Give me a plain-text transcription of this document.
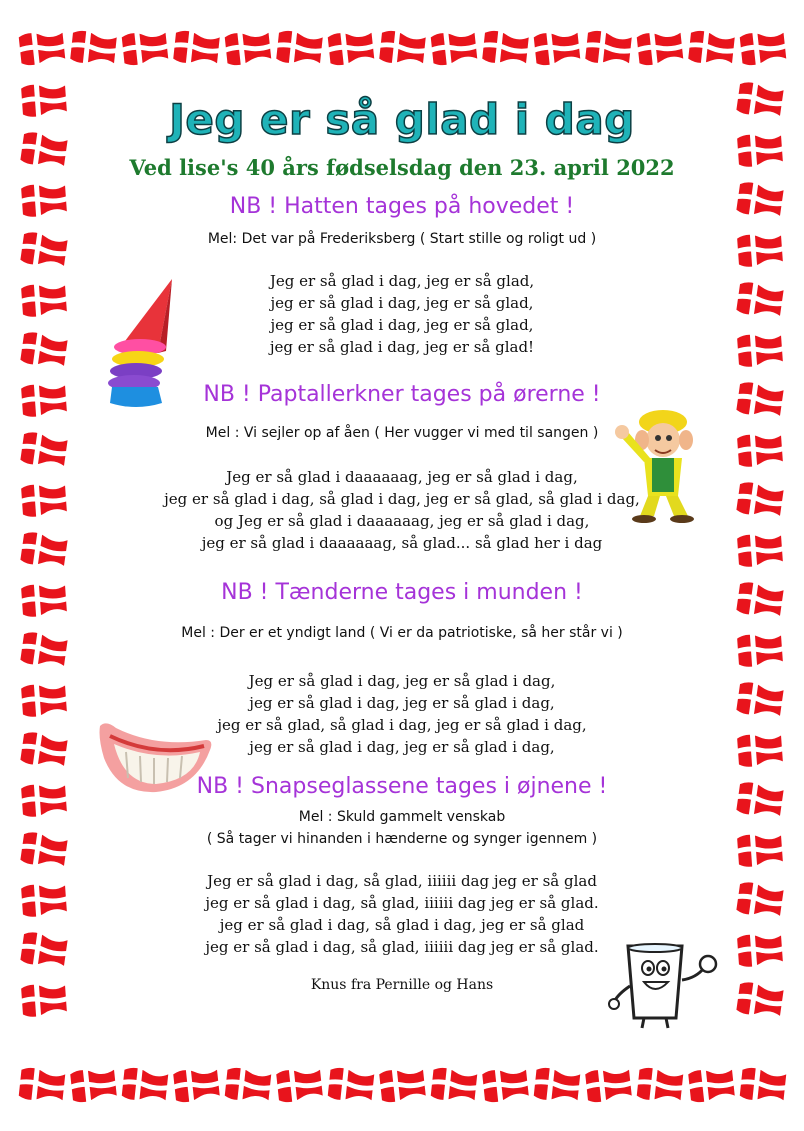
Jeg er så glad i dag
Ved lise's 40 års fødselsdag den 23. april 2022
NB ! Hatten tages på hovedet !
Mel: Det var på Frederiksberg ( Start stille og roligt ud )
Jeg er så glad i dag, jeg er så glad,
jeg er så glad i dag, jeg er så glad,
jeg er så glad i dag, jeg er så glad,
jeg er så glad i dag, jeg er så glad!
NB ! Paptallerkner tages på ørerne !
Mel : Vi sejler op af åen ( Her vugger vi med til sangen )
Jeg er så glad i daaaaaag, jeg er så glad i dag,
jeg er så glad i dag, så glad i dag, jeg er så glad, så glad i dag,
og Jeg er så glad i daaaaaag, jeg er så glad i dag,
jeg er så glad i daaaaaag, så glad... så glad her i dag
NB ! Tænderne tages i munden !
Mel : Der er et yndigt land ( Vi er da patriotiske, så her står vi )
Jeg er så glad i dag, jeg er så glad i dag,
jeg er så glad i dag, jeg er så glad i dag,
jeg er så glad, så glad i dag, jeg er så glad i dag,
jeg er så glad i dag, jeg er så glad i dag,
NB ! Snapseglassene tages i øjnene !
Mel : Skuld gammelt venskab
( Så tager vi hinanden i hænderne og synger igennem )
Jeg er så glad i dag, så glad, iiiiii dag jeg er så glad
jeg er så glad i dag, så glad, iiiiii dag jeg er så glad.
jeg er så glad i dag, så glad i dag, jeg er så glad
jeg er så glad i dag, så glad, iiiiii dag jeg er så glad.
Knus fra Pernille og Hans
